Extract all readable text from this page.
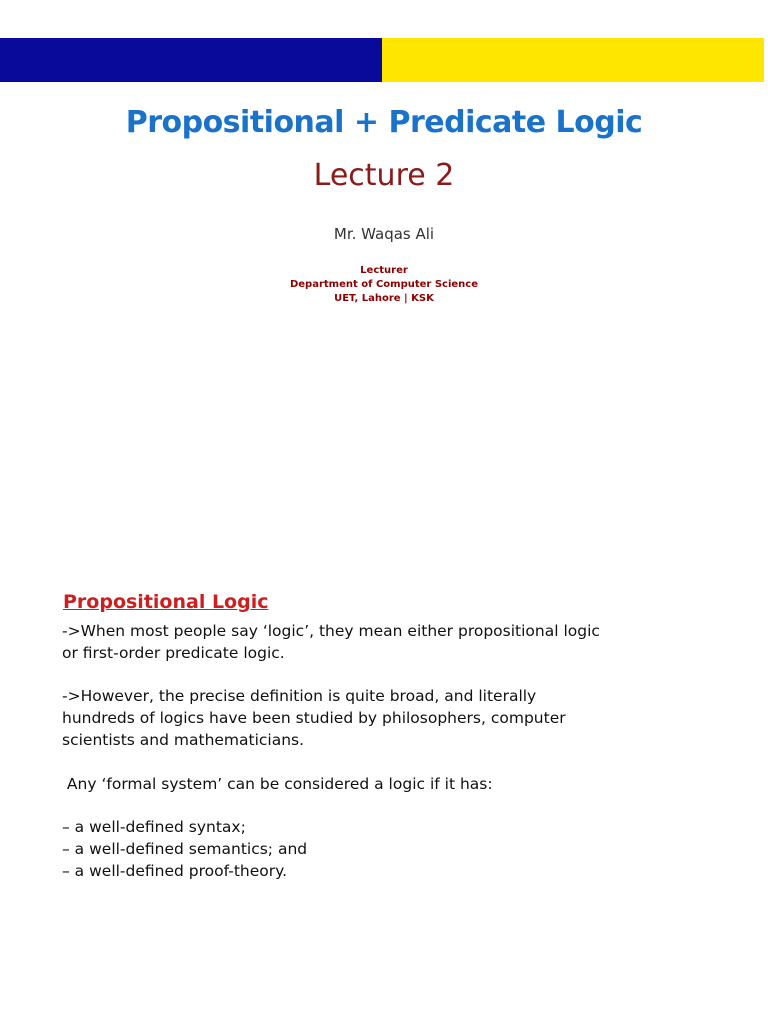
Propositional + Predicate Logic
Lecture 2
Mr. Waqas Ali
Lecturer
Department of Computer Science
UET, Lahore | KSK
Propositional Logic
->When most people say ‘logic’, they mean either propositional logic
or first-order predicate logic.
->However, the precise definition is quite broad, and literally
hundreds of logics have been studied by philosophers, computer
scientists and mathematicians.
Any ‘formal system’ can be considered a logic if it has:
– a well-defined syntax;
– a well-defined semantics; and
– a well-defined proof-theory.
